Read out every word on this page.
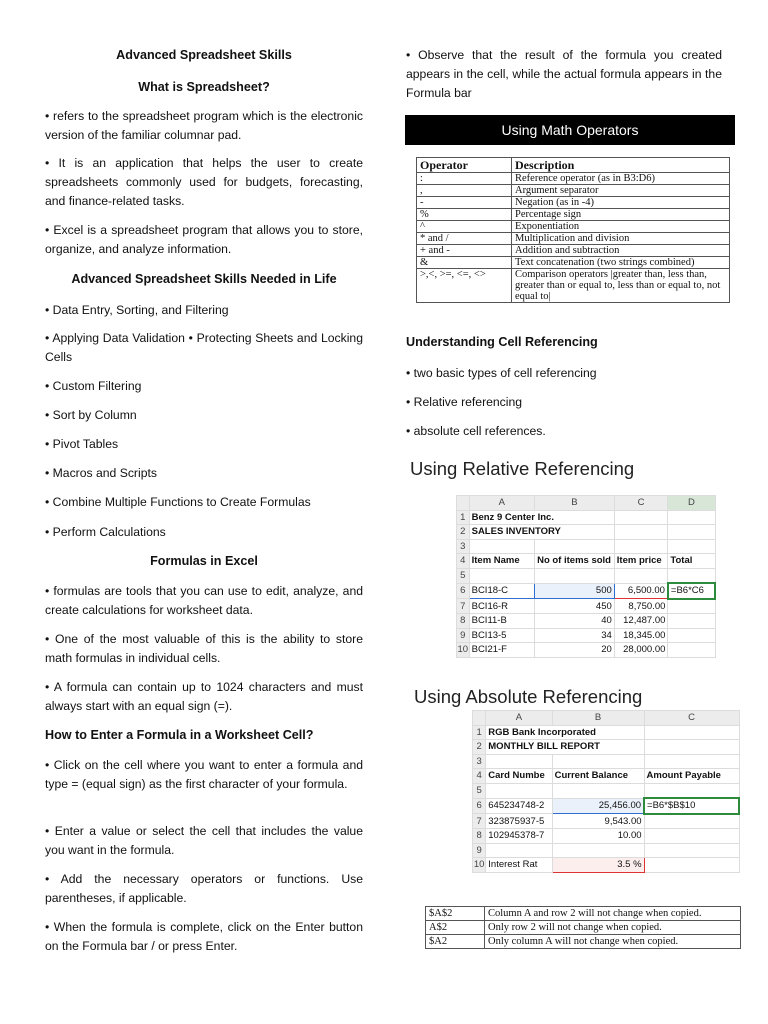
Advanced Spreadsheet Skills
What is Spreadsheet?
• refers to the spreadsheet program which is the electronic version of the familiar columnar pad.
• It is an application that helps the user to create spreadsheets commonly used for budgets, forecasting, and finance-related tasks.
• Excel is a spreadsheet program that allows you to store, organize, and analyze information.
Advanced Spreadsheet Skills Needed in Life
• Data Entry, Sorting, and Filtering
• Applying Data Validation • Protecting Sheets and Locking Cells
• Custom Filtering
• Sort by Column
• Pivot Tables
• Macros and Scripts
• Combine Multiple Functions to Create Formulas
• Perform Calculations
Formulas in Excel
• formulas are tools that you can use to edit, analyze, and create calculations for worksheet data.
• One of the most valuable of this is the ability to store math formulas in individual cells.
• A formula can contain up to 1024 characters and must always start with an equal sign (=).
How to Enter a Formula in a Worksheet Cell?
• Click on the cell where you want to enter a formula and type = (equal sign) as the first character of your formula.
• Enter a value or select the cell that includes the value you want in the formula.
• Add the necessary operators or functions. Use parentheses, if applicable.
• When the formula is complete, click on the Enter button on the Formula bar / or press Enter.
• Observe that the result of the formula you created appears in the cell, while the actual formula appears in the Formula bar
Using Math Operators
Operator	Description
:	Reference operator (as in B3:D6)
,	Argument separator
-	Negation (as in -4)
%	Percentage sign
^	Exponentiation
* and /	Multiplication and division
+ and -	Addition and subtraction
&	Text concatenation (two strings combined)
>,<, >=, <=, <>	Comparison operators |greater than, less than, greater than or equal to, less than or equal to, not equal to|
Understanding Cell Referencing
• two basic types of cell referencing
• Relative referencing
• absolute cell references.
Using Relative Referencing
	A	B	C	D
1	Benz 9 Center Inc.			
2	SALES INVENTORY			
3				
4	Item Name	No of items sold	Item price	Total
5				
6	BCI18-C	500	6,500.00	=B6*C6
7	BCI16-R	450	8,750.00	
8	BCI11-B	40	12,487.00	
9	BCI13-5	34	18,345.00	
10	BCI21-F	20	28,000.00	
Using Absolute Referencing
	A	B	C
1	RGB Bank Incorporated		
2	MONTHLY BILL REPORT		
3			
4	Card Numbe	Current Balance	Amount Payable
5			
6	645234748-2	25,456.00	=B6*$B$10
7	323875937-5	9,543.00	
8	102945378-7	10.00	
9			
10	Interest Rat	3.5 %	
$A$2	Column A and row 2 will not change when copied.
A$2	Only row 2 will not change when copied.
$A2	Only column A will not change when copied.
